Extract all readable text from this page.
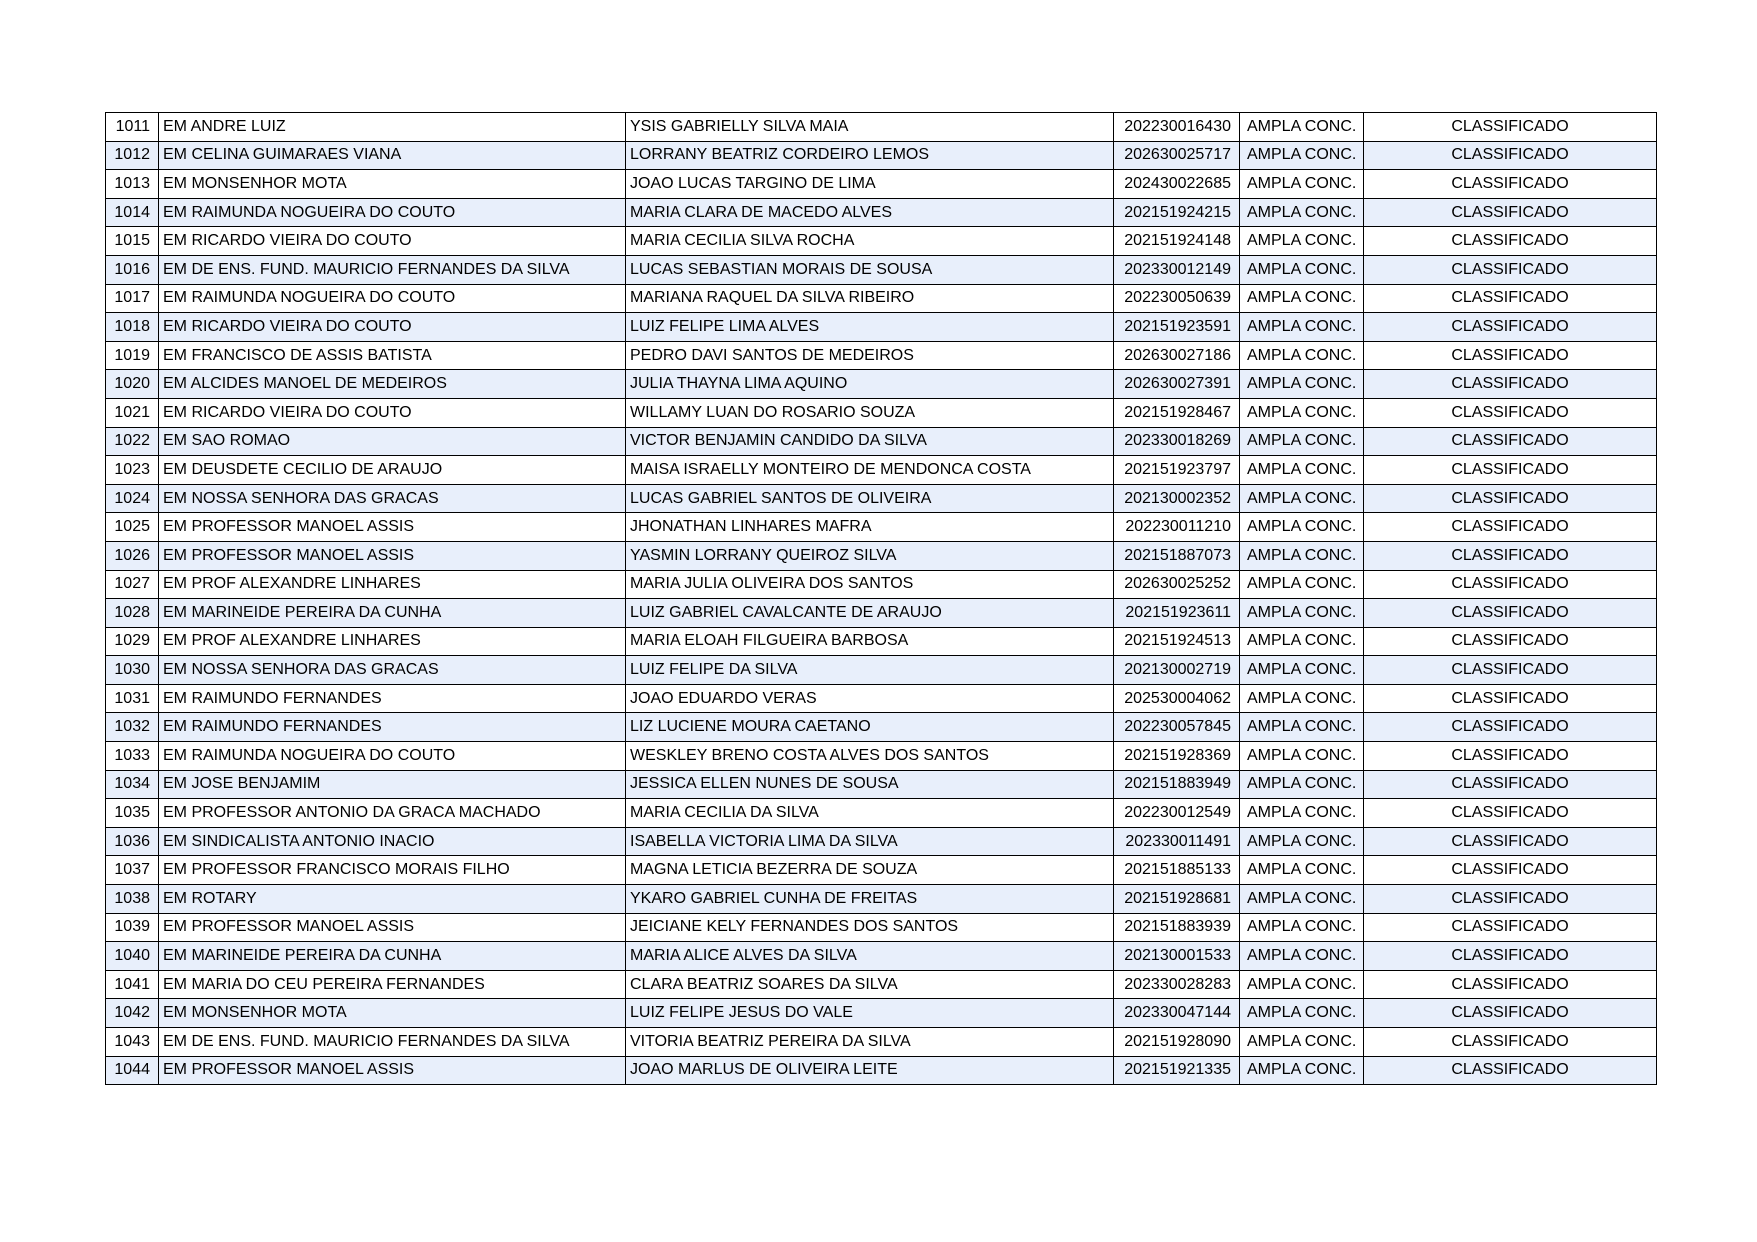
1011	EM ANDRE LUIZ	YSIS GABRIELLY SILVA MAIA	202230016430	AMPLA CONC.	CLASSIFICADO
1012	EM CELINA GUIMARAES VIANA	LORRANY BEATRIZ CORDEIRO LEMOS	202630025717	AMPLA CONC.	CLASSIFICADO
1013	EM MONSENHOR MOTA	JOAO LUCAS TARGINO DE LIMA	202430022685	AMPLA CONC.	CLASSIFICADO
1014	EM RAIMUNDA NOGUEIRA DO COUTO	MARIA CLARA DE MACEDO ALVES	202151924215	AMPLA CONC.	CLASSIFICADO
1015	EM RICARDO VIEIRA DO COUTO	MARIA CECILIA SILVA ROCHA	202151924148	AMPLA CONC.	CLASSIFICADO
1016	EM DE ENS. FUND. MAURICIO FERNANDES DA SILVA	LUCAS SEBASTIAN MORAIS DE SOUSA	202330012149	AMPLA CONC.	CLASSIFICADO
1017	EM RAIMUNDA NOGUEIRA DO COUTO	MARIANA RAQUEL DA SILVA RIBEIRO	202230050639	AMPLA CONC.	CLASSIFICADO
1018	EM RICARDO VIEIRA DO COUTO	LUIZ FELIPE LIMA ALVES	202151923591	AMPLA CONC.	CLASSIFICADO
1019	EM FRANCISCO DE ASSIS BATISTA	PEDRO DAVI SANTOS DE MEDEIROS	202630027186	AMPLA CONC.	CLASSIFICADO
1020	EM ALCIDES MANOEL DE MEDEIROS	JULIA THAYNA LIMA AQUINO	202630027391	AMPLA CONC.	CLASSIFICADO
1021	EM RICARDO VIEIRA DO COUTO	WILLAMY LUAN DO ROSARIO SOUZA	202151928467	AMPLA CONC.	CLASSIFICADO
1022	EM SAO ROMAO	VICTOR BENJAMIN CANDIDO DA SILVA	202330018269	AMPLA CONC.	CLASSIFICADO
1023	EM DEUSDETE CECILIO DE ARAUJO	MAISA ISRAELLY MONTEIRO DE MENDONCA COSTA	202151923797	AMPLA CONC.	CLASSIFICADO
1024	EM NOSSA SENHORA DAS GRACAS	LUCAS GABRIEL SANTOS DE OLIVEIRA	202130002352	AMPLA CONC.	CLASSIFICADO
1025	EM PROFESSOR MANOEL ASSIS	JHONATHAN LINHARES MAFRA	202230011210	AMPLA CONC.	CLASSIFICADO
1026	EM PROFESSOR MANOEL ASSIS	YASMIN LORRANY QUEIROZ SILVA	202151887073	AMPLA CONC.	CLASSIFICADO
1027	EM PROF ALEXANDRE LINHARES	MARIA JULIA OLIVEIRA DOS SANTOS	202630025252	AMPLA CONC.	CLASSIFICADO
1028	EM MARINEIDE PEREIRA DA CUNHA	LUIZ GABRIEL CAVALCANTE DE ARAUJO	202151923611	AMPLA CONC.	CLASSIFICADO
1029	EM PROF ALEXANDRE LINHARES	MARIA ELOAH FILGUEIRA BARBOSA	202151924513	AMPLA CONC.	CLASSIFICADO
1030	EM NOSSA SENHORA DAS GRACAS	LUIZ FELIPE DA SILVA	202130002719	AMPLA CONC.	CLASSIFICADO
1031	EM RAIMUNDO FERNANDES	JOAO EDUARDO VERAS	202530004062	AMPLA CONC.	CLASSIFICADO
1032	EM RAIMUNDO FERNANDES	LIZ LUCIENE MOURA CAETANO	202230057845	AMPLA CONC.	CLASSIFICADO
1033	EM RAIMUNDA NOGUEIRA DO COUTO	WESKLEY BRENO COSTA ALVES DOS SANTOS	202151928369	AMPLA CONC.	CLASSIFICADO
1034	EM JOSE BENJAMIM	JESSICA ELLEN NUNES DE SOUSA	202151883949	AMPLA CONC.	CLASSIFICADO
1035	EM PROFESSOR ANTONIO DA GRACA MACHADO	MARIA CECILIA DA SILVA	202230012549	AMPLA CONC.	CLASSIFICADO
1036	EM SINDICALISTA ANTONIO INACIO	ISABELLA VICTORIA LIMA DA SILVA	202330011491	AMPLA CONC.	CLASSIFICADO
1037	EM PROFESSOR FRANCISCO MORAIS FILHO	MAGNA LETICIA BEZERRA DE SOUZA	202151885133	AMPLA CONC.	CLASSIFICADO
1038	EM ROTARY	YKARO GABRIEL CUNHA DE FREITAS	202151928681	AMPLA CONC.	CLASSIFICADO
1039	EM PROFESSOR MANOEL ASSIS	JEICIANE KELY FERNANDES DOS SANTOS	202151883939	AMPLA CONC.	CLASSIFICADO
1040	EM MARINEIDE PEREIRA DA CUNHA	MARIA ALICE ALVES DA SILVA	202130001533	AMPLA CONC.	CLASSIFICADO
1041	EM MARIA DO CEU PEREIRA FERNANDES	CLARA BEATRIZ SOARES DA SILVA	202330028283	AMPLA CONC.	CLASSIFICADO
1042	EM MONSENHOR MOTA	LUIZ FELIPE JESUS DO VALE	202330047144	AMPLA CONC.	CLASSIFICADO
1043	EM DE ENS. FUND. MAURICIO FERNANDES DA SILVA	VITORIA BEATRIZ PEREIRA DA SILVA	202151928090	AMPLA CONC.	CLASSIFICADO
1044	EM PROFESSOR MANOEL ASSIS	JOAO MARLUS DE OLIVEIRA LEITE	202151921335	AMPLA CONC.	CLASSIFICADO
